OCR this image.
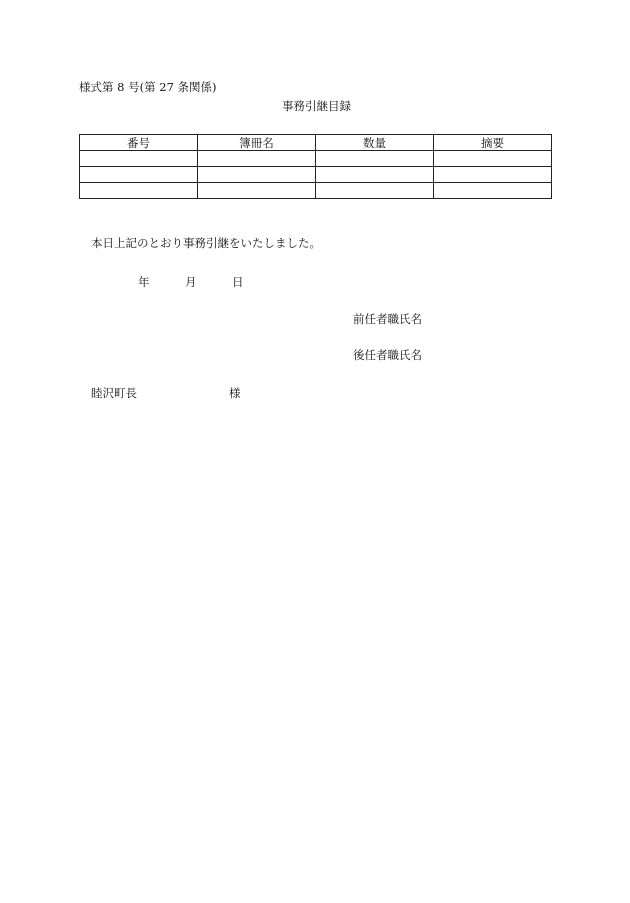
様式第 8 号(第 27 条関係)
事務引継目録
番号	簿冊名	数量	摘要

本日上記のとおり事務引継をいたしました。
年	月	日
前任者職氏名
後任者職氏名
睦沢町長	様
